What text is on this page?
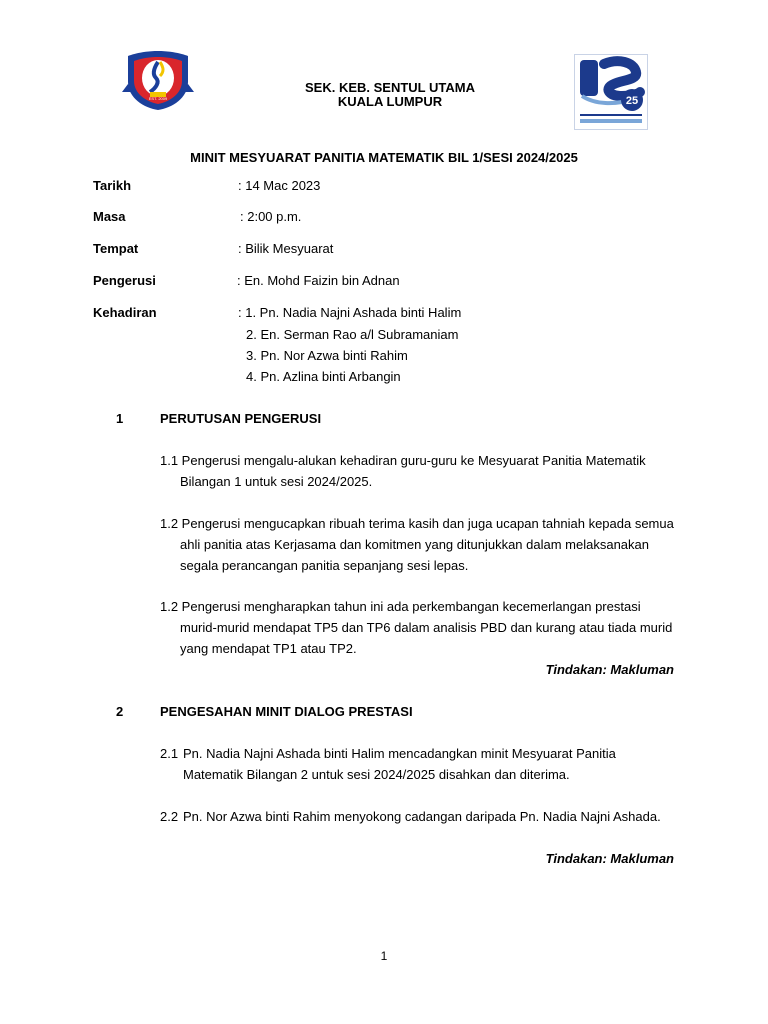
EST. 2009
SEK. KEB. SENTUL UTAMA
KUALA LUMPUR	25
MINIT MESYUARAT PANITIA MATEMATIK BIL 1/SESI 2024/2025
Tarikh	: 14 Mac 2023
Masa	: 2:00 p.m.
Tempat	: Bilik Mesyuarat
Pengerusi	: En. Mohd Faizin bin Adnan
Kehadiran	: 1. Pn. Nadia Najni Ashada binti Halim
2. En. Serman Rao a/l Subramaniam
3. Pn. Nor Azwa binti Rahim
4. Pn. Azlina binti Arbangin
1	PERUTUSAN PENGERUSI
1.1 Pengerusi mengalu-alukan kehadiran guru-guru ke Mesyuarat Panitia Matematik
Bilangan 1 untuk sesi 2024/2025.
1.2 Pengerusi mengucapkan ribuah terima kasih dan juga ucapan tahniah kepada semua
ahli panitia atas Kerjasama dan komitmen yang ditunjukkan dalam melaksanakan
segala perancangan panitia sepanjang sesi lepas.
1.2 Pengerusi mengharapkan tahun ini ada perkembangan kecemerlangan prestasi
murid-murid mendapat TP5 dan TP6 dalam analisis PBD dan kurang atau tiada murid
yang mendapat TP1 atau TP2.
Tindakan: Makluman
2	PENGESAHAN MINIT DIALOG PRESTASI
2.1 Pn. Nadia Najni Ashada binti Halim mencadangkan minit Mesyuarat Panitia
Matematik Bilangan 2 untuk sesi 2024/2025 disahkan dan diterima.
2.2 Pn. Nor Azwa binti Rahim menyokong cadangan daripada Pn. Nadia Najni Ashada.
Tindakan: Makluman
1
